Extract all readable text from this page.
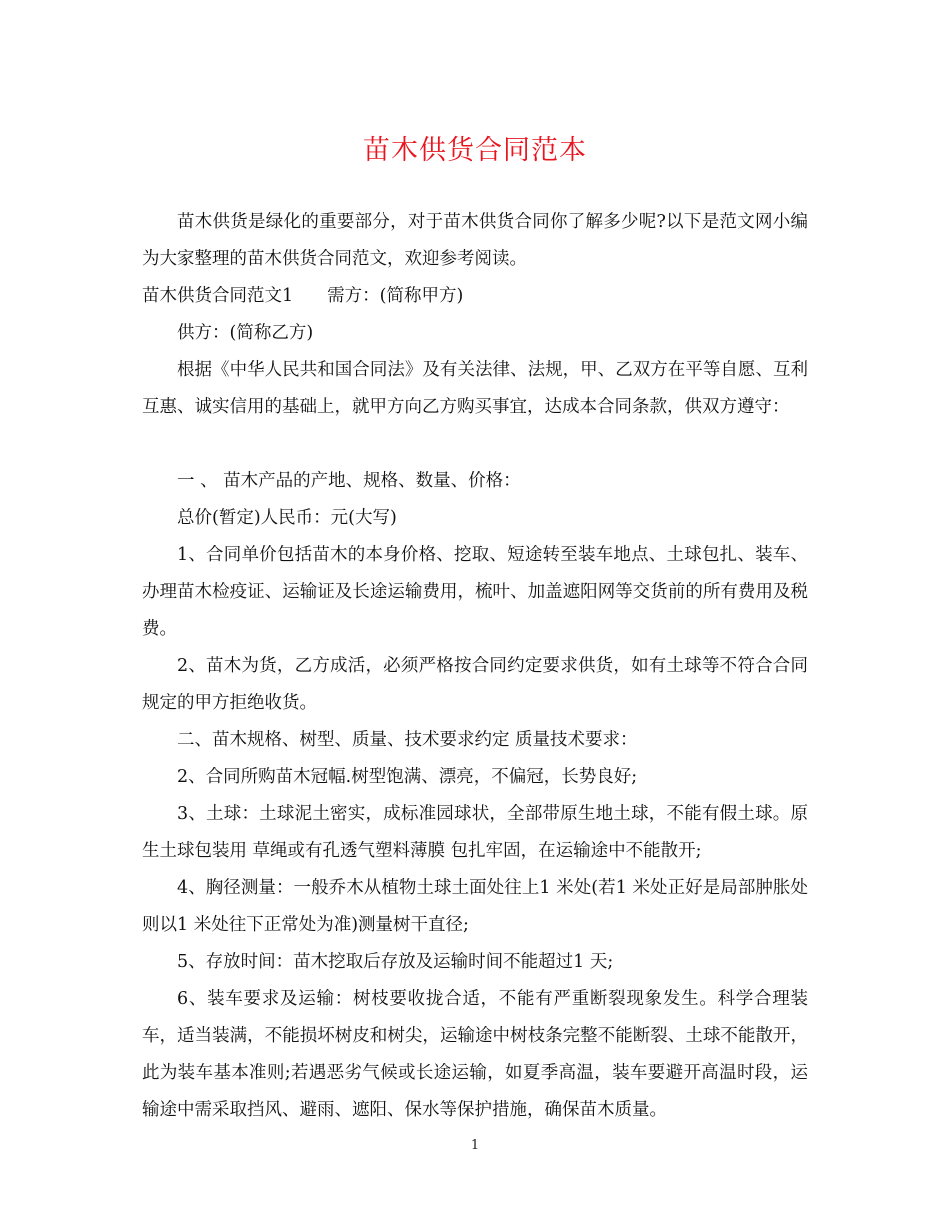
苗木供货合同范本

苗木供货是绿化的重要部分，对于苗木供货合同你了解多少呢?以下是范文网小编为大家整理的苗木供货合同范文，欢迎参考阅读。

苗木供货合同范文1 需方：(简称甲方)

供方：(简称乙方)

根据《中华人民共和国合同法》及有关法律、法规，甲、乙双方在平等自愿、互利互惠、诚实信用的基础上，就甲方向乙方购买事宜，达成本合同条款，供双方遵守：

一 、 苗木产品的产地、规格、数量、价格：

总价(暂定)人民币：元(大写)

1、合同单价包括苗木的本身价格、挖取、短途转至装车地点、土球包扎、装车、办理苗木检疫证、运输证及长途运输费用，梳叶、加盖遮阳网等交货前的所有费用及税费。

2、苗木为货，乙方成活，必须严格按合同约定要求供货，如有土球等不符合合同规定的甲方拒绝收货。

二、苗木规格、树型、质量、技术要求约定 质量技术要求：

2、合同所购苗木冠幅.树型饱满、漂亮，不偏冠，长势良好;

3、土球：土球泥土密实，成标准园球状，全部带原生地土球，不能有假土球。原生土球包装用 草绳或有孔透气塑料薄膜 包扎牢固，在运输途中不能散开;

4、胸径测量：一般乔木从植物土球土面处往上1 米处(若1 米处正好是局部肿胀处则以1 米处往下正常处为准)测量树干直径;

5、存放时间：苗木挖取后存放及运输时间不能超过1 天;

6、装车要求及运输：树枝要收拢合适，不能有严重断裂现象发生。科学合理装车，适当装满，不能损坏树皮和树尖，运输途中树枝条完整不能断裂、土球不能散开，此为装车基本准则;若遇恶劣气候或长途运输，如夏季高温，装车要避开高温时段，运输途中需采取挡风、避雨、遮阳、保水等保护措施，确保苗木质量。

1
